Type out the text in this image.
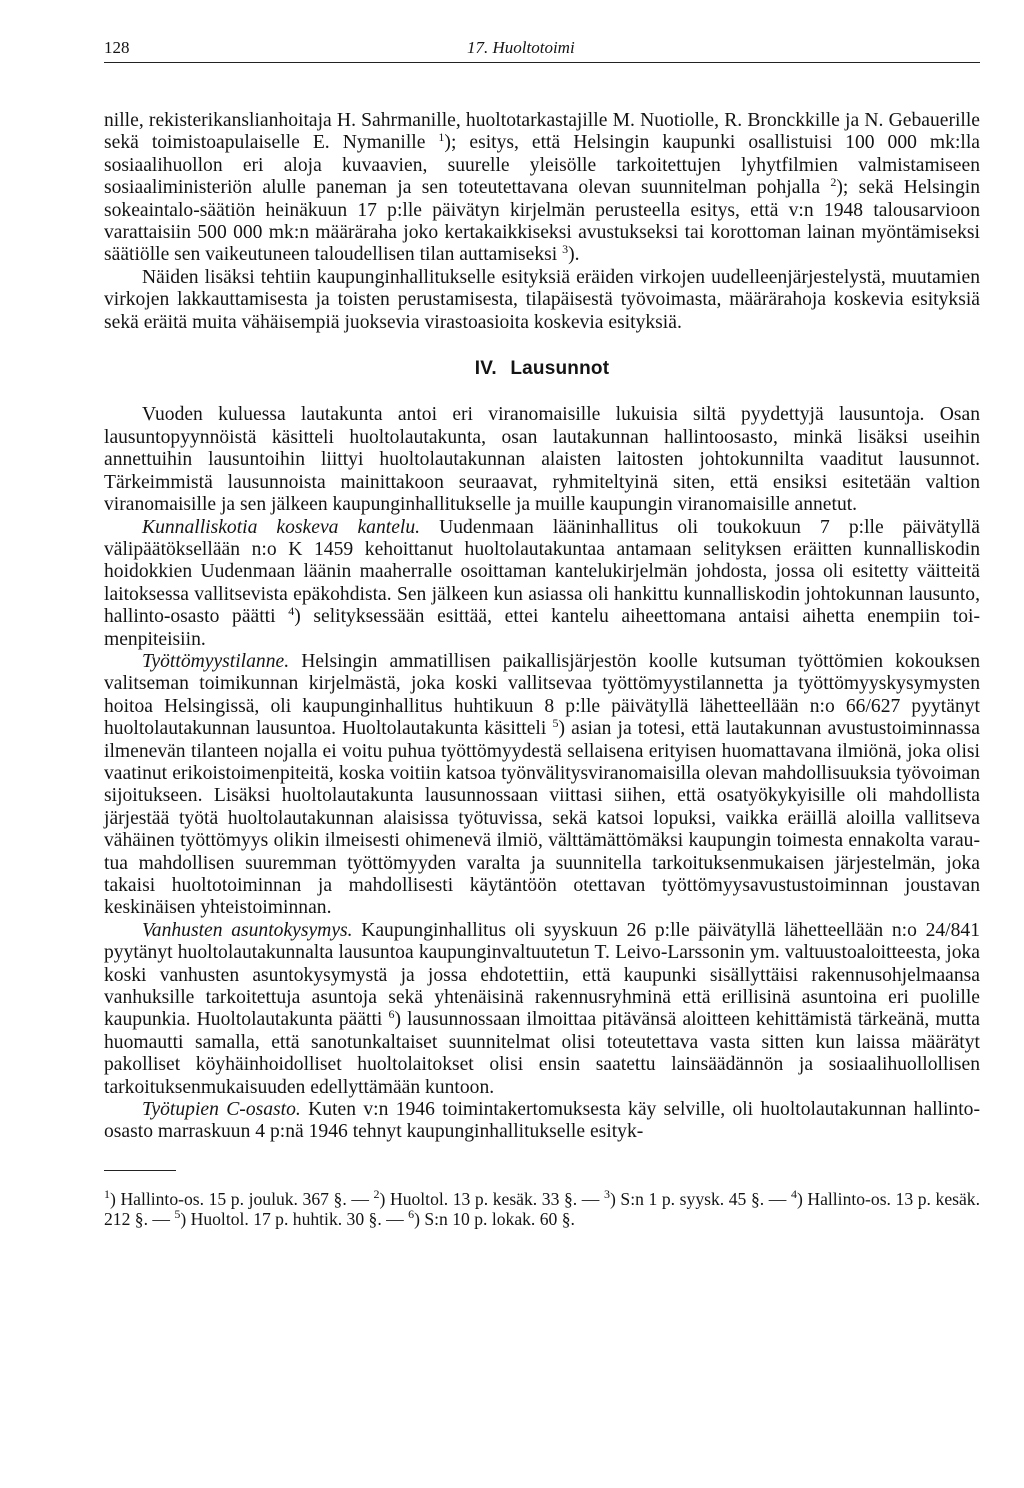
128	17. Huoltotoimi

nille, rekisterikanslianhoitaja H. Sahrmanille, huoltotarkastajille M. Nuotiolle, R. Bronckkille ja N. Gebauerille sekä toimistoapulaiselle E. Nymanille $^1$); esitys, että Helsingin kaupunki osallistuisi 100 000 mk:lla sosiaalihuollon eri aloja kuvaavien, suurelle yleisölle tarkoitettujen lyhytfilmien valmistamiseen sosiaaliministeriön alulle paneman ja sen toteutettavana olevan suunnitelman pohjalla $^2$); sekä Helsingin sokeaintalo-säätiön heinäkuun 17 p:lle päivätyn kirjelmän perusteella esitys, että v:n 1948 talousarvioon varattaisiin 500 000 mk:n määräraha joko kertakaikkiseksi avustukseksi tai korottoman lainan myöntämiseksi säätiölle sen vaikeutuneen taloudellisen tilan auttamiseksi $^3$).

Näiden lisäksi tehtiin kaupunginhallitukselle esityksiä eräiden virkojen uudelleenjärjestelystä, muutamien virkojen lakkauttamisesta ja toisten perustamisesta, tilapäisestä työvoimasta, määrärahoja koskevia esityksiä sekä eräitä muita vähäisempiä juoksevia virastoasioita koskevia esityksiä.

IV. Lausunnot

Vuoden kuluessa lautakunta antoi eri viranomaisille lukuisia siltä pyydettyjä lausuntoja. Osan lausuntopyynnöistä käsitteli huoltolautakunta, osan lautakunnan hallintoosasto, minkä lisäksi useihin annettuihin lausuntoihin liittyi huoltolautakunnan alaisten laitosten johtokunnilta vaaditut lausunnot. Tärkeimmistä lausunnoista mainittakoon seuraavat, ryhmiteltyinä siten, että ensiksi esitetään valtion viranomaisille ja sen jälkeen kaupunginhallitukselle ja muille kaupungin viranomaisille annetut.

Kunnalliskotia koskeva kantelu. Uudenmaan lääninhallitus oli toukokuun 7 p:lle päivätyllä välipäätöksellään n:o K 1459 kehoittanut huoltolautakuntaa antamaan selityksen eräitten kunnalliskodin hoidokkien Uudenmaan läänin maaherralle osoittaman kantelukirjelmän johdosta, jossa oli esitetty väitteitä laitoksessa vallitsevista epäkohdista. Sen jälkeen kun asiassa oli hankittu kunnalliskodin johtokunnan lausunto, hallinto-osasto päätti $^4$) selityksessään esittää, ettei kantelu aiheettomana antaisi aihetta enempiin toimenpiteisiin.

Työttömyystilanne. Helsingin ammatillisen paikallisjärjestön koolle kutsuman työttömien kokouksen valitseman toimikunnan kirjelmästä, joka koski vallitsevaa työttömyystilannetta ja työttömyyskysymysten hoitoa Helsingissä, oli kaupunginhallitus huhtikuun 8 p:lle päivätyllä lähetteellään n:o 66/627 pyytänyt huoltolautakunnan lausuntoa. Huoltolautakunta käsitteli $^5$) asian ja totesi, että lautakunnan avustustoiminnassa ilmenevän tilanteen nojalla ei voitu puhua työttömyydestä sellaisena erityisen huomattavana ilmiönä, joka olisi vaatinut erikoistoimenpiteitä, koska voitiin katsoa työnvälitysviranomaisilla olevan mahdollisuuksia työvoiman sijoitukseen. Lisäksi huoltolautakunta lausunnossaan viittasi siihen, että osatyökykyisille oli mahdollista järjestää työtä huoltolautakunnan alaisissa työtuvissa, sekä katsoi lopuksi, vaikka eräillä aloilla vallitseva vähäinen työttömyys olikin ilmeisesti ohimenevä ilmiö, välttämättömäksi kaupungin toimesta ennakolta varautua mahdollisen suuremman työttömyyden varalta ja suunnitella tarkoituksenmukaisen järjestelmän, joka takaisi huoltotoiminnan ja mahdollisesti käytäntöön otettavan työttömyysavustustoiminnan joustavan keskinäisen yhteistoiminnan.

Vanhusten asuntokysymys. Kaupunginhallitus oli syyskuun 26 p:lle päivätyllä lähetteellään n:o 24/841 pyytänyt huoltolautakunnalta lausuntoa kaupunginvaltuutetun T. Leivo-Larssonin ym. valtuustoaloitteesta, joka koski vanhusten asuntokysymystä ja jossa ehdotettiin, että kaupunki sisällyttäisi rakennusohjelmaansa vanhuksille tarkoitettuja asuntoja sekä yhtenäisinä rakennusryhminä että erillisinä asuntoina eri puolille kaupunkia. Huoltolautakunta päätti $^6$) lausunnossaan ilmoittaa pitävänsä aloitteen kehittämistä tärkeänä, mutta huomautti samalla, että sanotunkaltaiset suunnitelmat olisi toteutettava vasta sitten kun laissa määrätyt pakolliset köyhäinhoidolliset huoltolaitokset olisi ensin saatettu lainsäädännön ja sosiaalihuollollisen tarkoituksenmukaisuuden edellyttämään kuntoon.

Työtupien C-osasto. Kuten v:n 1946 toimintakertomuksesta käy selville, oli huoltolautakunnan hallinto-osasto marraskuun 4 p:nä 1946 tehnyt kaupunginhallitukselle esityk-

$^1$) Hallinto-os. 15 p. jouluk. 367 §. — $^2$) Huoltol. 13 p. kesäk. 33 §. — $^3$) S:n 1 p. syysk. 45 §. — $^4$) Hallinto-os. 13 p. kesäk. 212 §. — $^5$) Huoltol. 17 p. huhtik. 30 §. — $^6$) S:n 10 p. lokak. 60 §.
